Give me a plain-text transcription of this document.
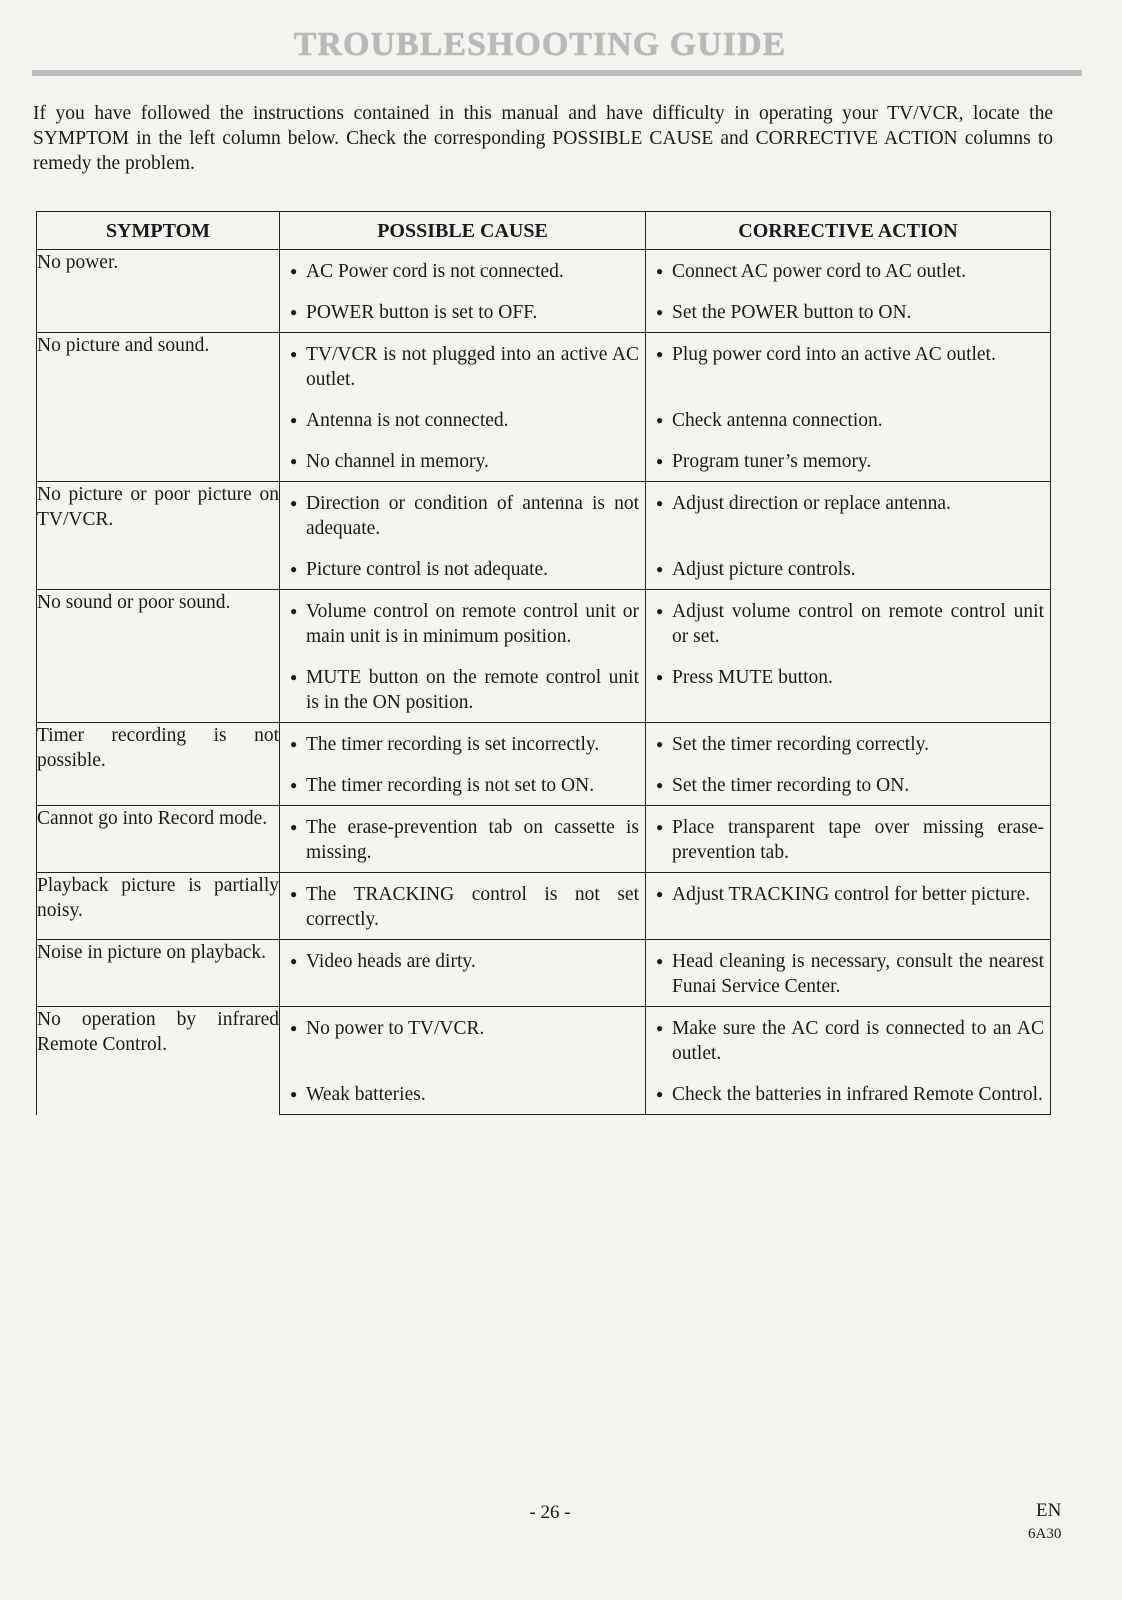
TROUBLESHOOTING GUIDE
If you have followed the instructions contained in this manual and have difficulty in operating your TV/VCR, locate the SYMPTOM in the left column below. Check the corresponding POSSIBLE CAUSE and CORRECTIVE ACTION columns to remedy the problem.
SYMPTOM	POSSIBLE CAUSE	CORRECTIVE ACTION
No power.	● AC Power cord is not connected.	● Connect AC power cord to AC outlet.

	● POWER button is set to OFF.	● Set the POWER button to ON.

No picture and sound.	● TV/VCR is not plugged into an active AC outlet.	● Plug power cord into an active AC outlet.

	● Antenna is not connected.	● Check antenna connection.

	● No channel in memory.	● Program tuner’s memory.

No picture or poor picture on TV/VCR.	● Direction or condition of antenna is not adequate.	● Adjust direction or replace antenna.

	● Picture control is not adequate.	● Adjust picture controls.

No sound or poor sound.	● Volume control on remote control unit or main unit is in minimum position.	● Adjust volume control on remote control unit or set.

	● MUTE button on the remote control unit is in the ON position.	● Press MUTE button.

Timer recording is not possible.	● The timer recording is set incorrectly.	● Set the timer recording correctly.

	● The timer recording is not set to ON.	● Set the timer recording to ON.

Cannot go into Record mode.	● The erase-prevention tab on cassette is missing.	● Place transparent tape over missing erase-prevention tab.

Playback picture is partially noisy.	● The TRACKING control is not set correctly.	● Adjust TRACKING control for better picture.

Noise in picture on playback.	● Video heads are dirty.	● Head cleaning is necessary, consult the nearest Funai Service Center.

No operation by infrared Remote Control.	● No power to TV/VCR.	● Make sure the AC cord is connected to an AC outlet.

	● Weak batteries.	● Check the batteries in infrared Remote Control.
- 26 -	EN
6A30
